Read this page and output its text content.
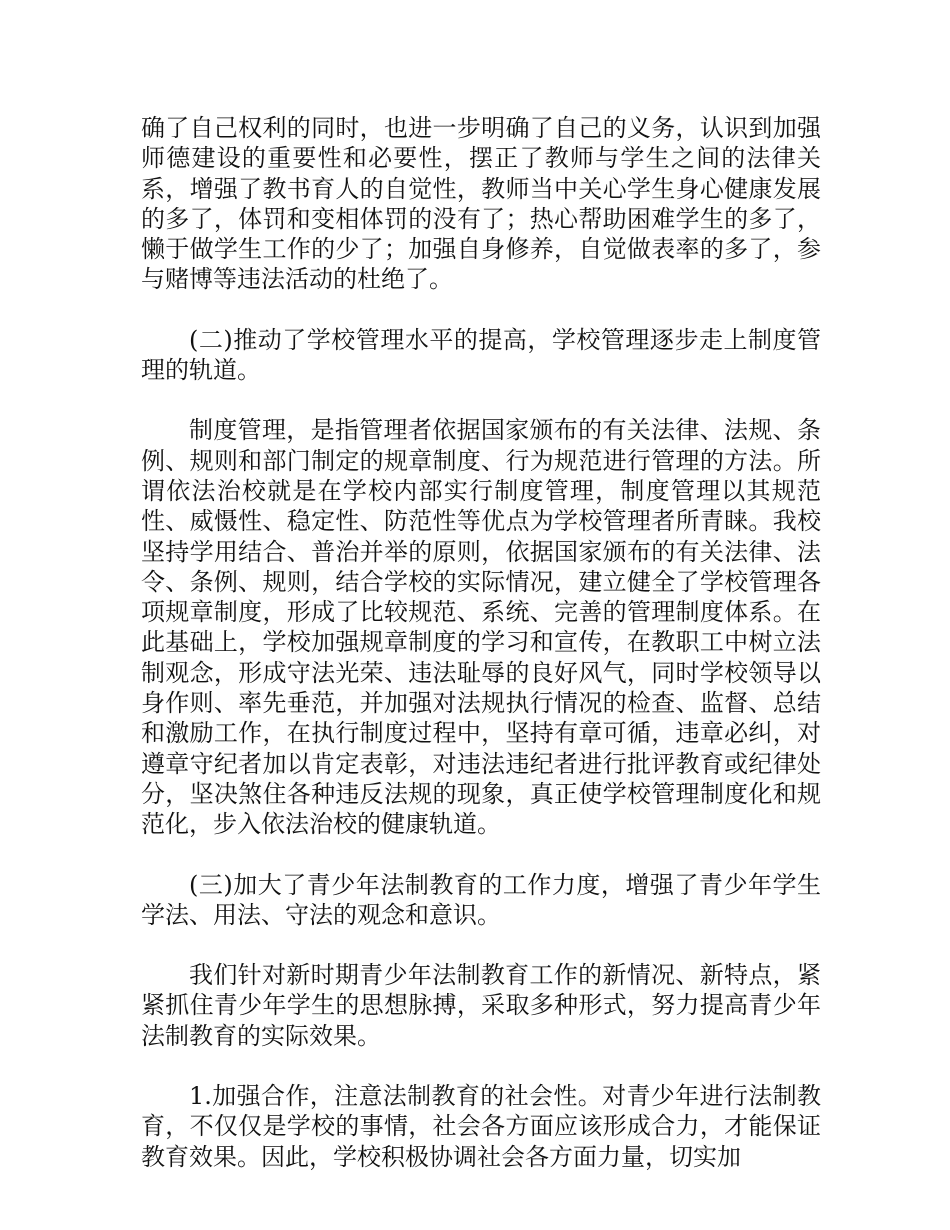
确了自己权利的同时，也进一步明确了自己的义务，认识到加强师德建设的重要性和必要性，摆正了教师与学生之间的法律关系，增强了教书育人的自觉性，教师当中关心学生身心健康发展的多了，体罚和变相体罚的没有了；热心帮助困难学生的多了，懒于做学生工作的少了；加强自身修养，自觉做表率的多了，参与赌博等违法活动的杜绝了。

(二)推动了学校管理水平的提高，学校管理逐步走上制度管理的轨道。

制度管理，是指管理者依据国家颁布的有关法律、法规、条例、规则和部门制定的规章制度、行为规范进行管理的方法。所谓依法治校就是在学校内部实行制度管理，制度管理以其规范性、威慑性、稳定性、防范性等优点为学校管理者所青睐。我校坚持学用结合、普治并举的原则，依据国家颁布的有关法律、法令、条例、规则，结合学校的实际情况，建立健全了学校管理各项规章制度，形成了比较规范、系统、完善的管理制度体系。在此基础上，学校加强规章制度的学习和宣传，在教职工中树立法制观念，形成守法光荣、违法耻辱的良好风气，同时学校领导以身作则、率先垂范，并加强对法规执行情况的检查、监督、总结和激励工作，在执行制度过程中，坚持有章可循，违章必纠，对遵章守纪者加以肯定表彰，对违法违纪者进行批评教育或纪律处分，坚决煞住各种违反法规的现象，真正使学校管理制度化和规范化，步入依法治校的健康轨道。

(三)加大了青少年法制教育的工作力度，增强了青少年学生学法、用法、守法的观念和意识。

我们针对新时期青少年法制教育工作的新情况、新特点，紧紧抓住青少年学生的思想脉搏，采取多种形式，努力提高青少年法制教育的实际效果。

1.加强合作，注意法制教育的社会性。对青少年进行法制教育，不仅仅是学校的事情，社会各方面应该形成合力，才能保证教育效果。因此，学校积极协调社会各方面力量，切实加
